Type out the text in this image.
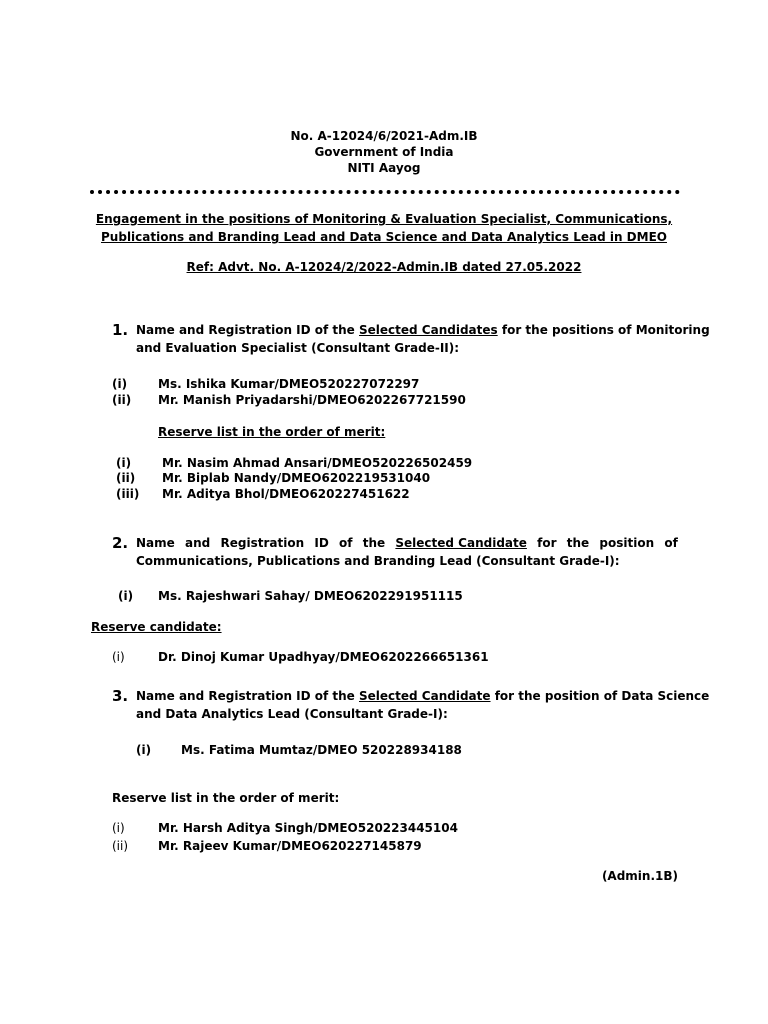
No. A-12024/6/2021-Adm.IB
Government of India
NITI Aayog
Engagement in the positions of Monitoring & Evaluation Specialist, Communications,
Publications and Branding Lead and Data Science and Data Analytics Lead in DMEO
Ref: Advt. No. A-12024/2/2022-Admin.IB dated 27.05.2022
1. Name and Registration ID of the Selected Candidates for the positions of Monitoring
and Evaluation Specialist (Consultant Grade-II):
(i)	Ms. Ishika Kumar/DMEO520227072297
(ii) Mr. Manish Priyadarshi/DMEO6202267721590
Reserve list in the order of merit:
(i)	Mr. Nasim Ahmad Ansari/DMEO520226502459
(ii) Mr. Biplab Nandy/DMEO6202219531040
(iii) Mr. Aditya Bhol/DMEO620227451622
2. Name and Registration ID of the Selected Candidate for the position of
Communications, Publications and Branding Lead (Consultant Grade-I):
(i) Ms. Rajeshwari Sahay/ DMEO6202291951115
Reserve candidate:
(i)	Dr. Dinoj Kumar Upadhyay/DMEO6202266651361
3. Name and Registration ID of the Selected Candidate for the position of Data Science
and Data Analytics Lead (Consultant Grade-I):
(i) Ms. Fatima Mumtaz/DMEO 520228934188
Reserve list in the order of merit:
(i)	Mr. Harsh Aditya Singh/DMEO520223445104
(ii) Mr. Rajeev Kumar/DMEO620227145879
(Admin.1B)
